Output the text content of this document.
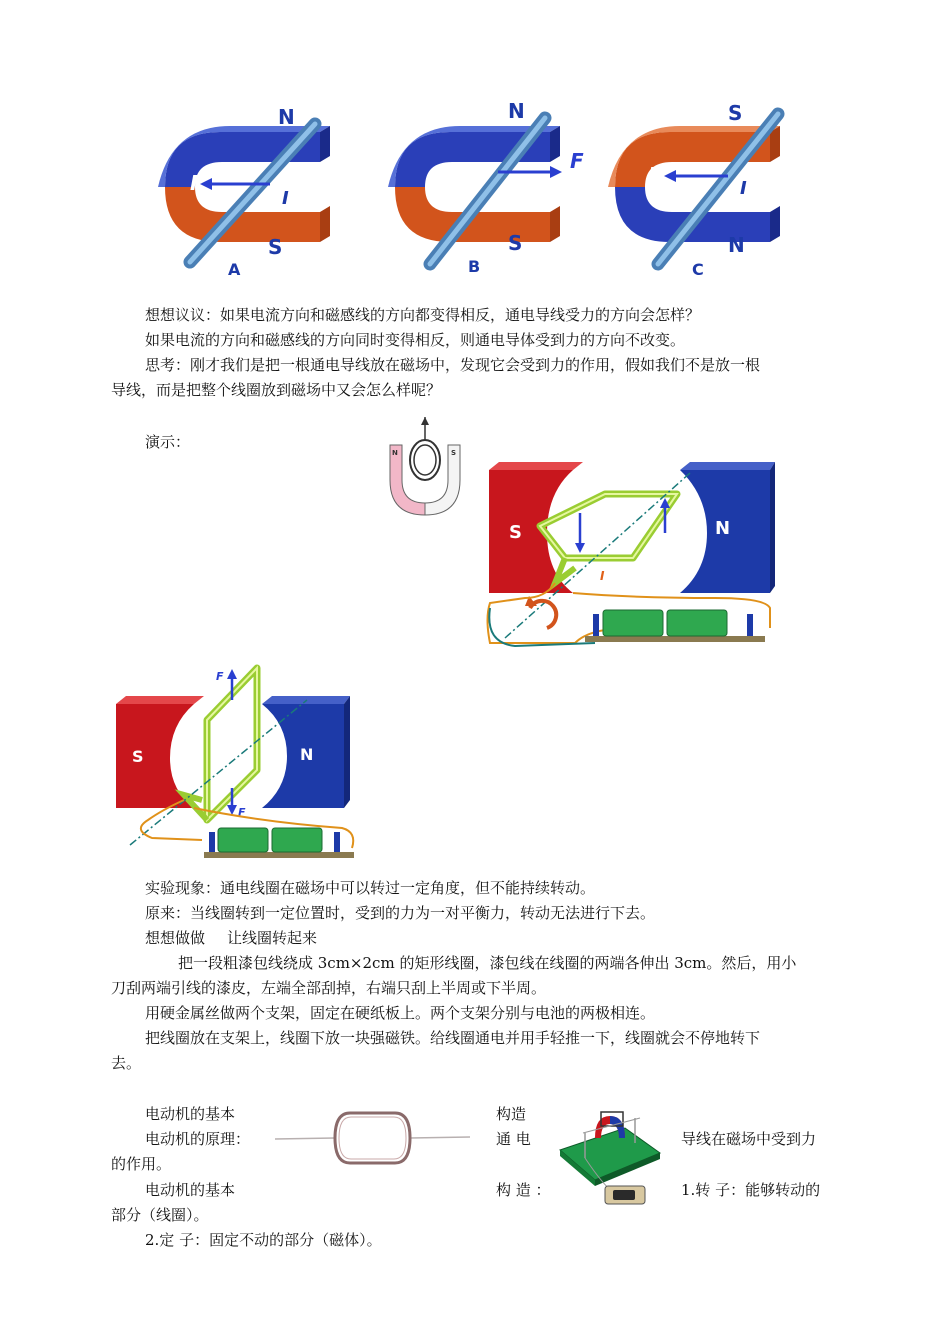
F
I
N
S
A
F
I
N
S
B
F
I
S
N
C
想想议议：如果电流方向和磁感线的方向都变得相反，通电导线受力的方向会怎样？
如果电流的方向和磁感线的方向同时变得相反，则通电导体受到力的方向不改变。
思考：刚才我们是把一根通电导线放在磁场中，发现它会受到力的作用，假如我们不是放一根
导线，而是把整个线圈放到磁场中又会怎么样呢？
演示：
N	S
S	N
F
F
I
S	N
F
F
实验现象：通电线圈在磁场中可以转过一定角度，但不能持续转动。
原来：当线圈转到一定位置时，受到的力为一对平衡力，转动无法进行下去。
想想做做 让线圈转起来
把一段粗漆包线绕成 3cm×2cm 的矩形线圈，漆包线在线圈的两端各伸出 3cm。然后，用小
刀刮两端引线的漆皮，左端全部刮掉，右端只刮上半周或下半周。
用硬金属丝做两个支架，固定在硬纸板上。两个支架分别与电池的两极相连。
把线圈放在支架上，线圈下放一块强磁铁。给线圈通电并用手轻推一下，线圈就会不停地转下
去。
电动机的基本	构造
电动机的原理：	通 电	导线在磁场中受到力
的作用。
电动机的基本	构 造 ：	1.转 子：能够转动的
部分（线圈）。
2.定 子：固定不动的部分（磁体）。
